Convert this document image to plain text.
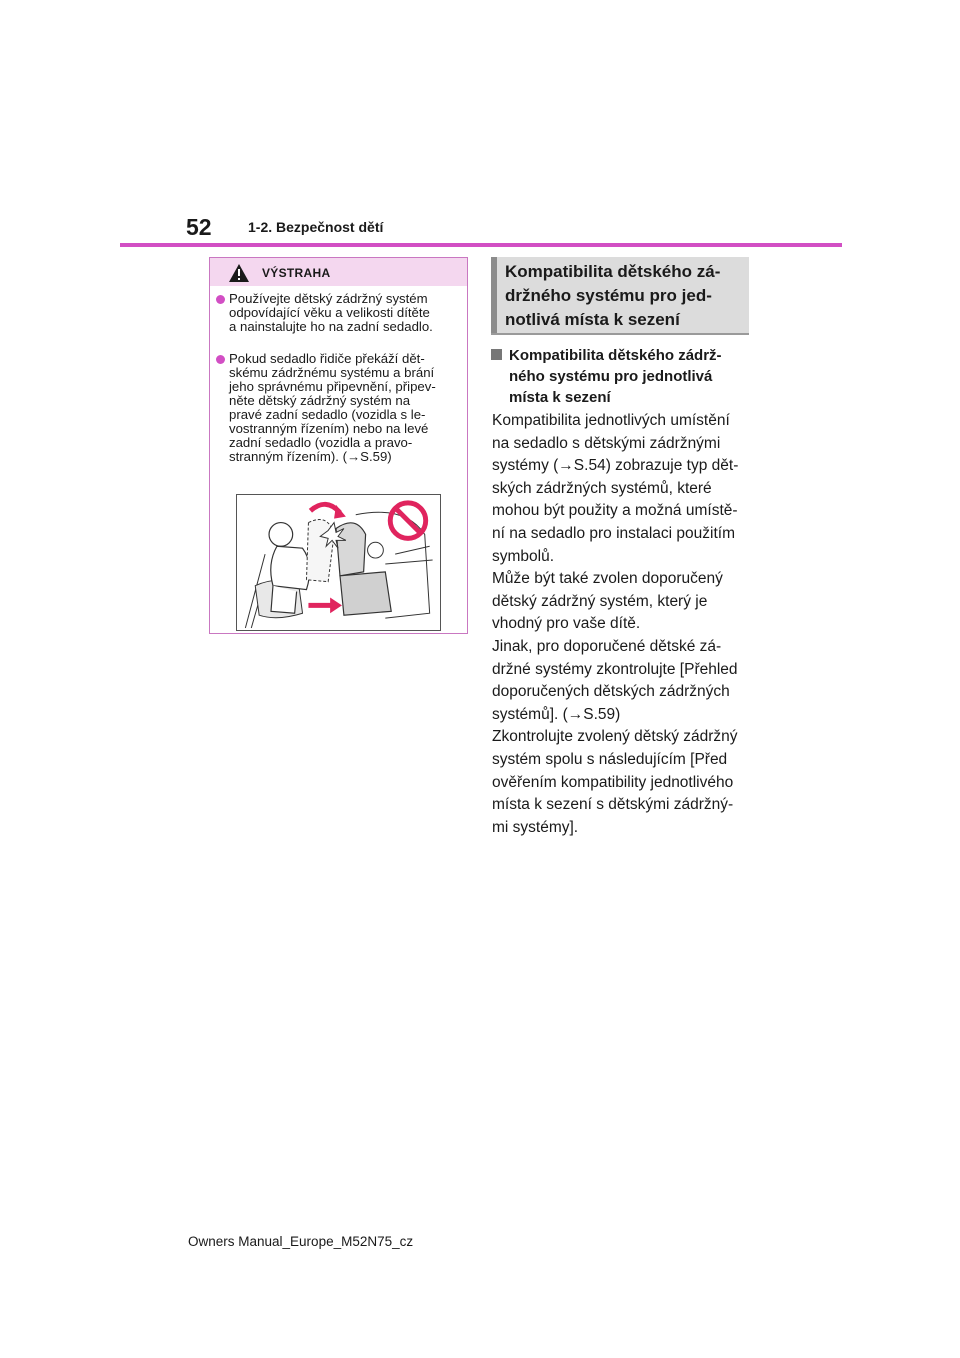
52	1-2. Bezpečnost dětí
VÝSTRAHA
Používejte dětský zádržný systém
odpovídající věku a velikosti dítěte
a nainstalujte ho na zadní sedadlo.
Pokud sedadlo řidiče překáží dět-
skému zádržnému systému a brání
jeho správnému připevnění, připev-
něte dětský zádržný systém na
pravé zadní sedadlo (vozidla s le-
vostranným řízením) nebo na levé
zadní sedadlo (vozidla a pravo-
stranným řízením). (→S.59)
Kompatibilita dětského zá-
držného systému pro jed-
notlivá místa k sezení
Kompatibilita dětského zádrž-
ného systému pro jednotlivá
místa k sezení
Kompatibilita jednotlivých umístění
na sedadlo s dětskými zádržnými
systémy (→S.54) zobrazuje typ dět-
ských zádržných systémů, které
mohou být použity a možná umístě-
ní na sedadlo pro instalaci použitím
symbolů.
Může být také zvolen doporučený
dětský zádržný systém, který je
vhodný pro vaše dítě.
Jinak, pro doporučené dětské zá-
držné systémy zkontrolujte [Přehled
doporučených dětských zádržných
systémů]. (→S.59)
Zkontrolujte zvolený dětský zádržný
systém spolu s následujícím [Před
ověřením kompatibility jednotlivého
místa k sezení s dětskými zádržný-
mi systémy].
Owners Manual_Europe_M52N75_cz
